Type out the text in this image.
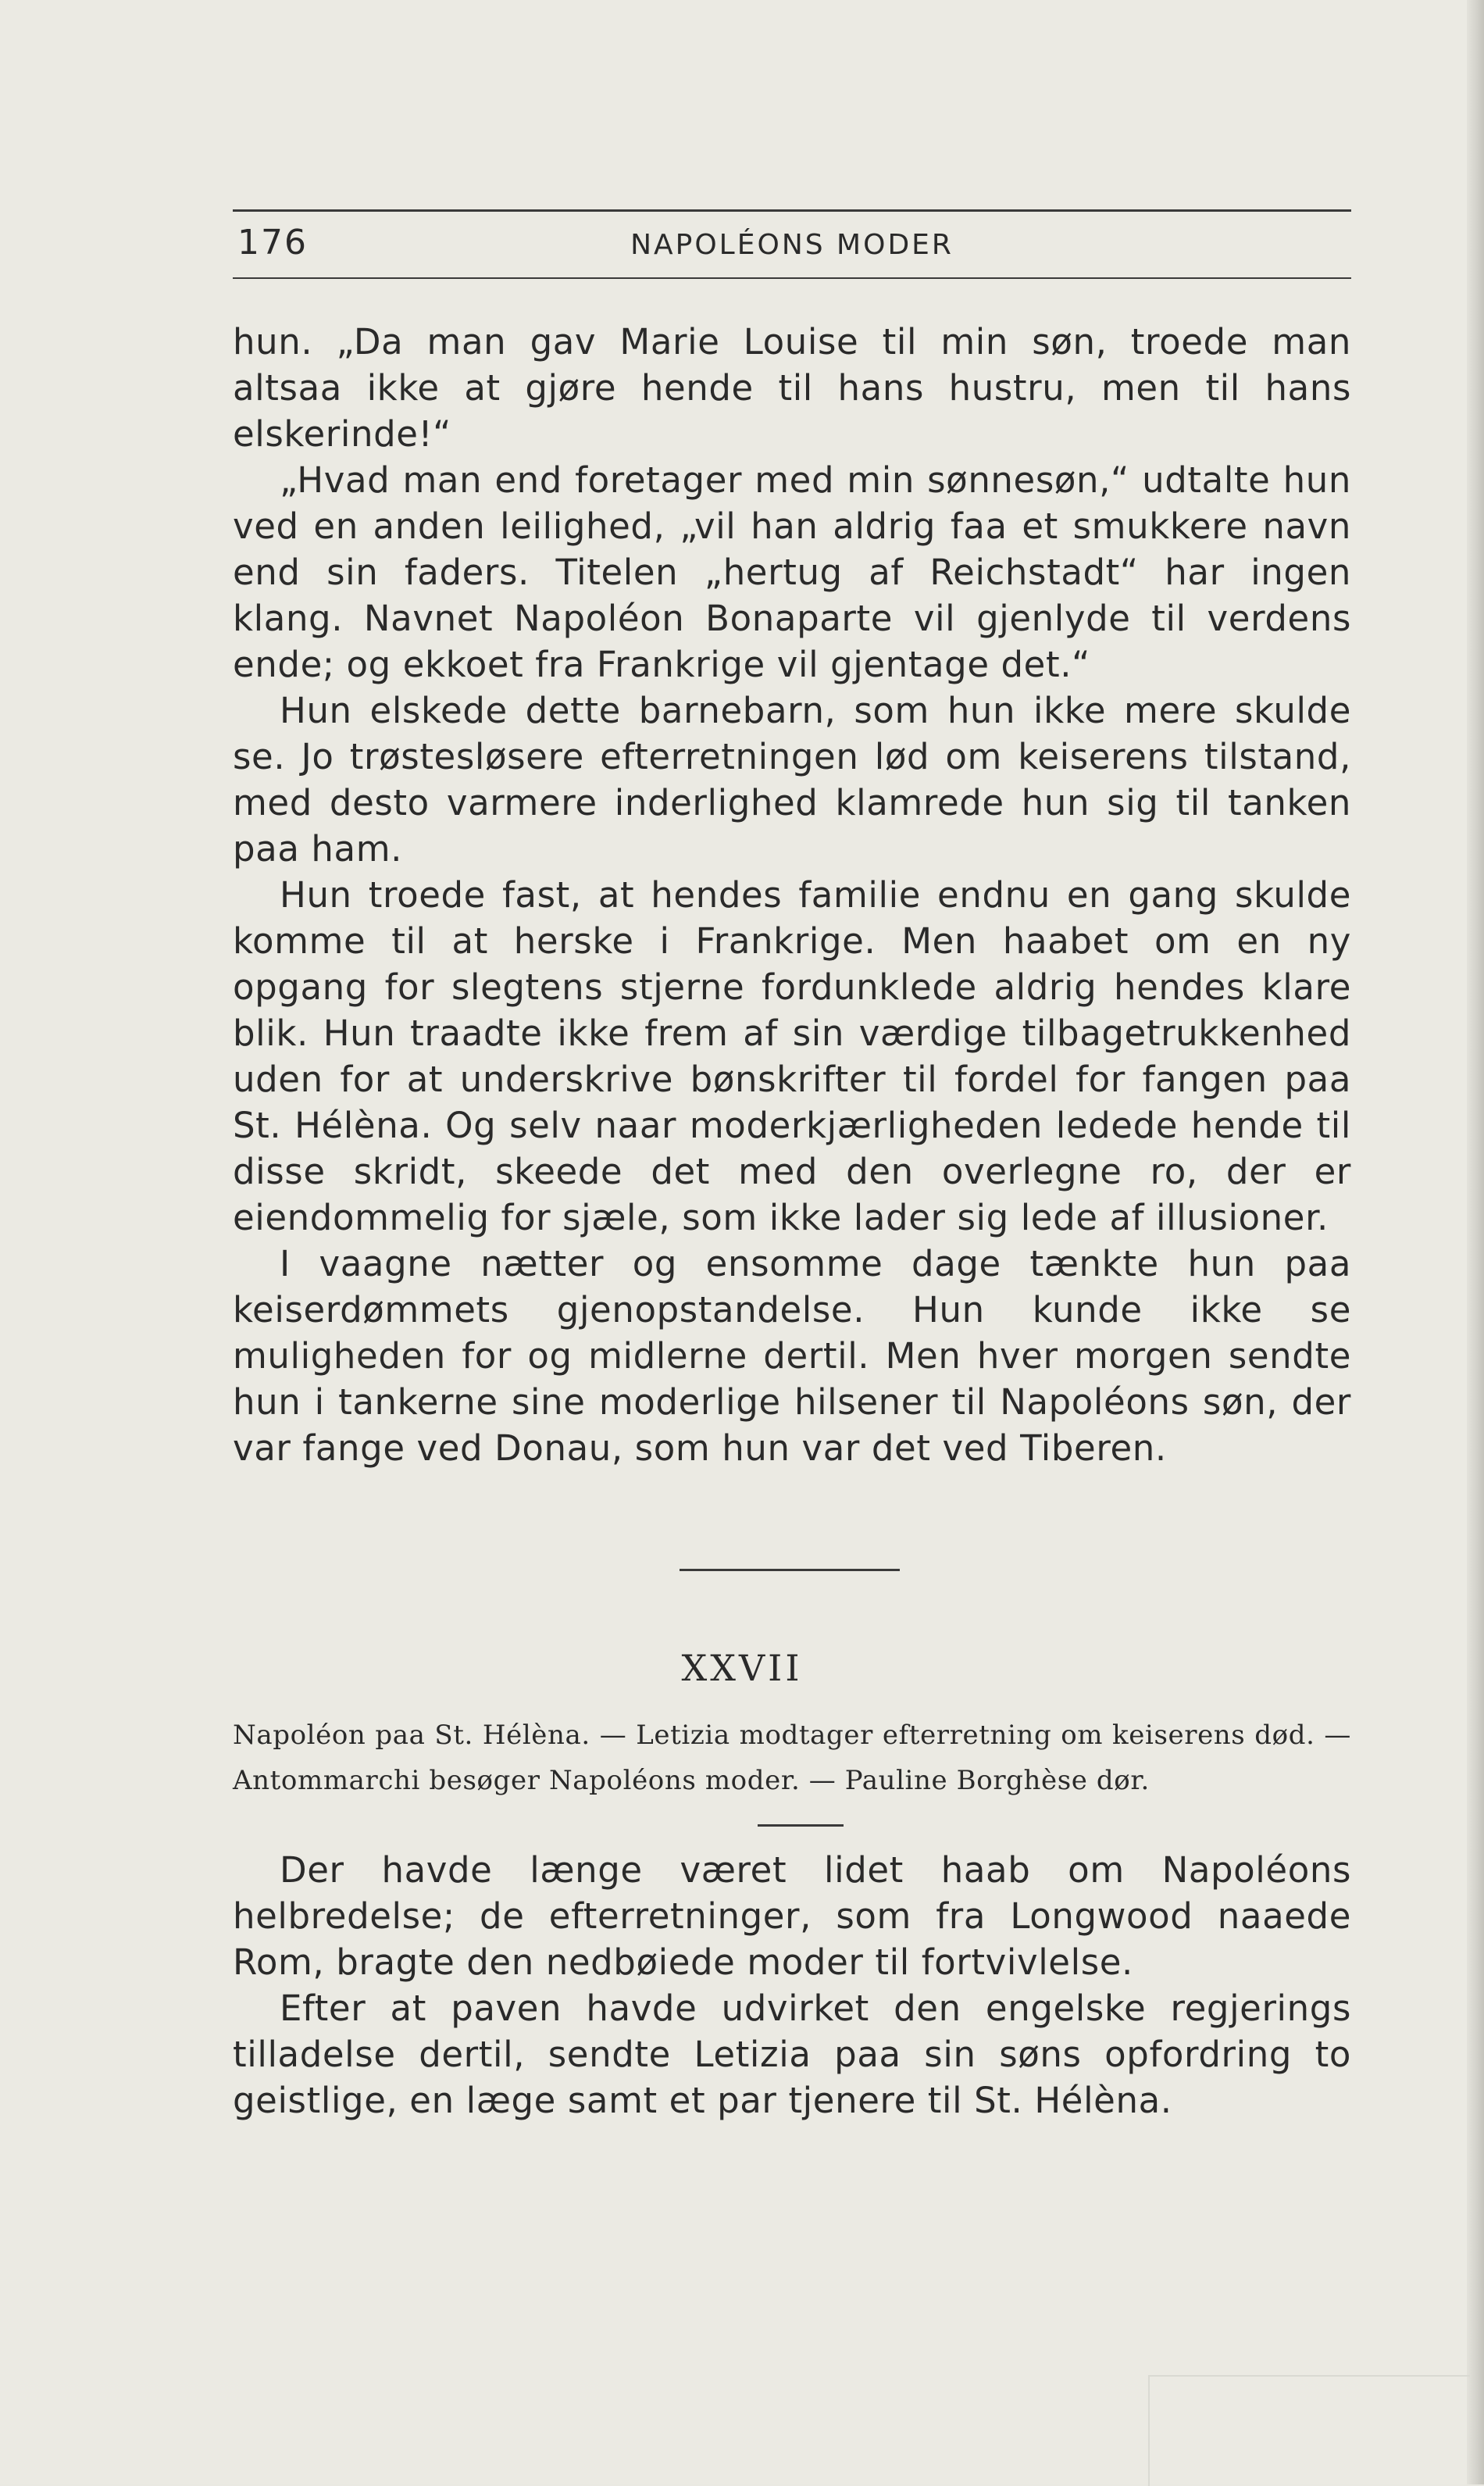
176	NAPOLÉONS MODER

hun. „Da man gav Marie Louise til min søn, troede man altsaa ikke at gjøre hende til hans hustru, men til hans elskerinde!“

„Hvad man end foretager med min sønnesøn,“ udtalte hun ved en anden leilighed, „vil han aldrig faa et smukkere navn end sin faders. Titelen „hertug af Reichstadt“ har ingen klang. Navnet Napoléon Bonaparte vil gjenlyde til verdens ende; og ekkoet fra Frankrige vil gjentage det.“

Hun elskede dette barnebarn, som hun ikke mere skulde se. Jo trøstesløsere efterretningen lød om keiserens tilstand, med desto varmere inderlighed klamrede hun sig til tanken paa ham.

Hun troede fast, at hendes familie endnu en gang skulde komme til at herske i Frankrige. Men haabet om en ny opgang for slegtens stjerne fordunklede aldrig hendes klare blik. Hun traadte ikke frem af sin værdige tilbagetrukkenhed uden for at underskrive bønskrifter til fordel for fangen paa St. Hélèna. Og selv naar moderkjærligheden ledede hende til disse skridt, skeede det med den overlegne ro, der er eiendommelig for sjæle, som ikke lader sig lede af illusioner.

I vaagne nætter og ensomme dage tænkte hun paa keiserdømmets gjenopstandelse. Hun kunde ikke se muligheden for og midlerne dertil. Men hver morgen sendte hun i tankerne sine moderlige hilsener til Napoléons søn, der var fange ved Donau, som hun var det ved Tiberen.

XXVII

Napoléon paa St. Hélèna. — Letizia modtager efterretning om keiserens død. — Antommarchi besøger Napoléons moder. — Pauline Borghèse dør.

Der havde længe været lidet haab om Napoléons helbredelse; de efterretninger, som fra Longwood naaede Rom, bragte den nedbøiede moder til fortvivlelse.

Efter at paven havde udvirket den engelske regjerings tilladelse dertil, sendte Letizia paa sin søns opfordring to geistlige, en læge samt et par tjenere til St. Hélèna.
